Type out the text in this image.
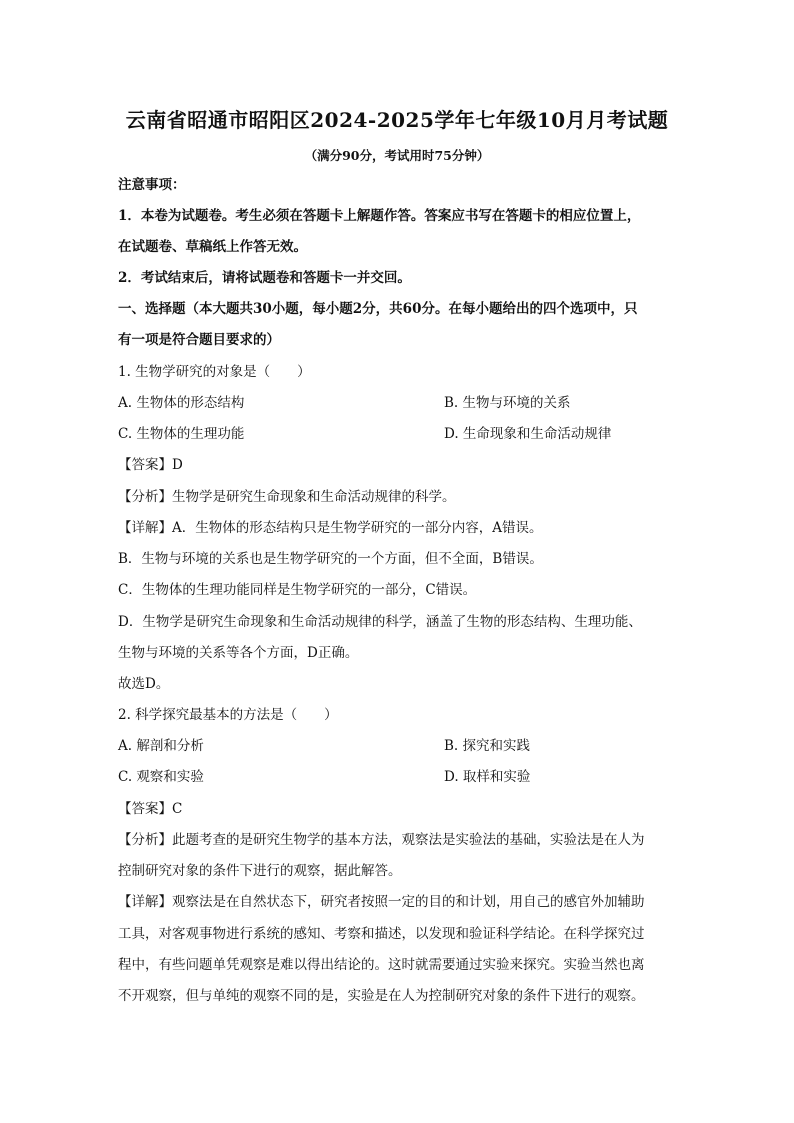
云南省昭通市昭阳区2024-2025学年七年级10月月考试题
（满分90分，考试用时75分钟）
注意事项：
1．本卷为试题卷。考生必须在答题卡上解题作答。答案应书写在答题卡的相应位置上，
在试题卷、草稿纸上作答无效。
2．考试结束后，请将试题卷和答题卡一并交回。
一、选择题（本大题共30小题，每小题2分，共60分。在每小题给出的四个选项中，只
有一项是符合题目要求的）
1. 生物学研究的对象是（　　）
A. 生物体的形态结构	B. 生物与环境的关系
C. 生物体的生理功能	D. 生命现象和生命活动规律
【答案】D
【分析】生物学是研究生命现象和生命活动规律的科学。
【详解】A．生物体的形态结构只是生物学研究的一部分内容，A错误。
B．生物与环境的关系也是生物学研究的一个方面，但不全面，B错误。
C．生物体的生理功能同样是生物学研究的一部分，C错误。
D．生物学是研究生命现象和生命活动规律的科学，涵盖了生物的形态结构、生理功能、
生物与环境的关系等各个方面，D正确。
故选D。
2. 科学探究最基本的方法是（　　）
A. 解剖和分析	B. 探究和实践
C. 观察和实验	D. 取样和实验
【答案】C
【分析】此题考查的是研究生物学的基本方法，观察法是实验法的基础，实验法是在人为
控制研究对象的条件下进行的观察，据此解答。
【详解】观察法是在自然状态下，研究者按照一定的目的和计划，用自己的感官外加辅助
工具，对客观事物进行系统的感知、考察和描述，以发现和验证科学结论。在科学探究过
程中，有些问题单凭观察是难以得出结论的。这时就需要通过实验来探究。实验当然也离
不开观察，但与单纯的观察不同的是，实验是在人为控制研究对象的条件下进行的观察。
